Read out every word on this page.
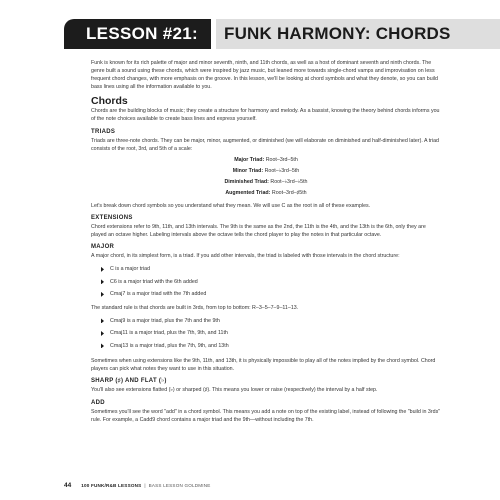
LESSON #21:	FUNK HARMONY: CHORDS

Funk is known for its rich palette of major and minor seventh, ninth, and 11th chords, as well as a host of dominant seventh and ninth chords. The genre built a sound using these chords, which were inspired by jazz music, but leaned more towards single-chord vamps and improvisation on less frequent chord changes, with more emphasis on the groove. In this lesson, we'll be looking at chord symbols and what they denote, so you can build bass lines using all the information available to you.

Chords

Chords are the building blocks of music; they create a structure for harmony and melody. As a bassist, knowing the theory behind chords informs you of the note choices available to create bass lines and express yourself.

TRIADS

Triads are three-note chords. They can be major, minor, augmented, or diminished (we will elaborate on diminished and half-diminished later). A triad consists of the root, 3rd, and 5th of a scale:

Major Triad: Root–3rd–5th
Minor Triad: Root–♭3rd–5th
Diminished Triad: Root–♭3rd–♭5th
Augmented Triad: Root–3rd–♯5th

Let's break down chord symbols so you understand what they mean. We will use C as the root in all of these examples.

EXTENSIONS

Chord extensions refer to 9th, 11th, and 13th intervals. The 9th is the same as the 2nd, the 11th is the 4th, and the 13th is the 6th, only they are played an octave higher. Labeling intervals above the octave tells the chord player to play the notes in that particular octave.

MAJOR

A major chord, in its simplest form, is a triad. If you add other intervals, the triad is labeled with those intervals in the chord structure:

C is a major triad
C6 is a major triad with the 6th added
Cmaj7 is a major triad with the 7th added

The standard rule is that chords are built in 3rds, from top to bottom: R–3–5–7–9–11–13.

Cmaj9 is a major triad, plus the 7th and the 9th
Cmaj11 is a major triad, plus the 7th, 9th, and 11th
Cmaj13 is a major triad, plus the 7th, 9th, and 13th

Sometimes when using extensions like the 9th, 11th, and 13th, it is physically impossible to play all of the notes implied by the chord symbol. Chord players can pick what notes they want to use in this situation.

SHARP (♯) AND FLAT (♭)

You'll also see extensions flatted (♭) or sharped (♯). This means you lower or raise (respectively) the interval by a half step.

ADD

Sometimes you'll see the word "add" in a chord symbol. This means you add a note on top of the existing label, instead of following the "build in 3rds" rule. For example, a Cadd9 chord contains a major triad and the 9th—without including the 7th.

44 100 FUNK/R&B LESSONS | BASS LESSON GOLDMINE
